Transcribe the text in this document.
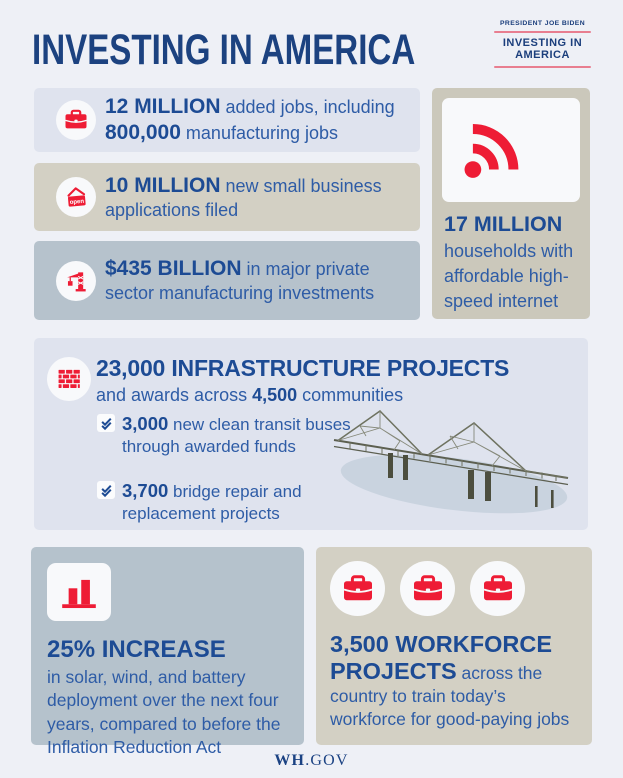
INVESTING IN AMERICA
PRESIDENT JOE BIDEN
INVESTING IN
AMERICA
12 MILLION added jobs, including 800,000 manufacturing jobs
open
10 MILLION new small business applications filed
$435 BILLION in major private sector manufacturing investments
17 MILLION
households with affordable high-speed internet
23,000 INFRASTRUCTURE PROJECTS
and awards across 4,500 communities
3,000 new clean transit buses through awarded funds
3,700 bridge repair and replacement projects
25% INCREASE
in solar, wind, and battery deployment over the next four years, compared to before the Inflation Reduction Act
3,500 WORKFORCE PROJECTS across the country to train today’s workforce for good-paying jobs
WH.GOV
